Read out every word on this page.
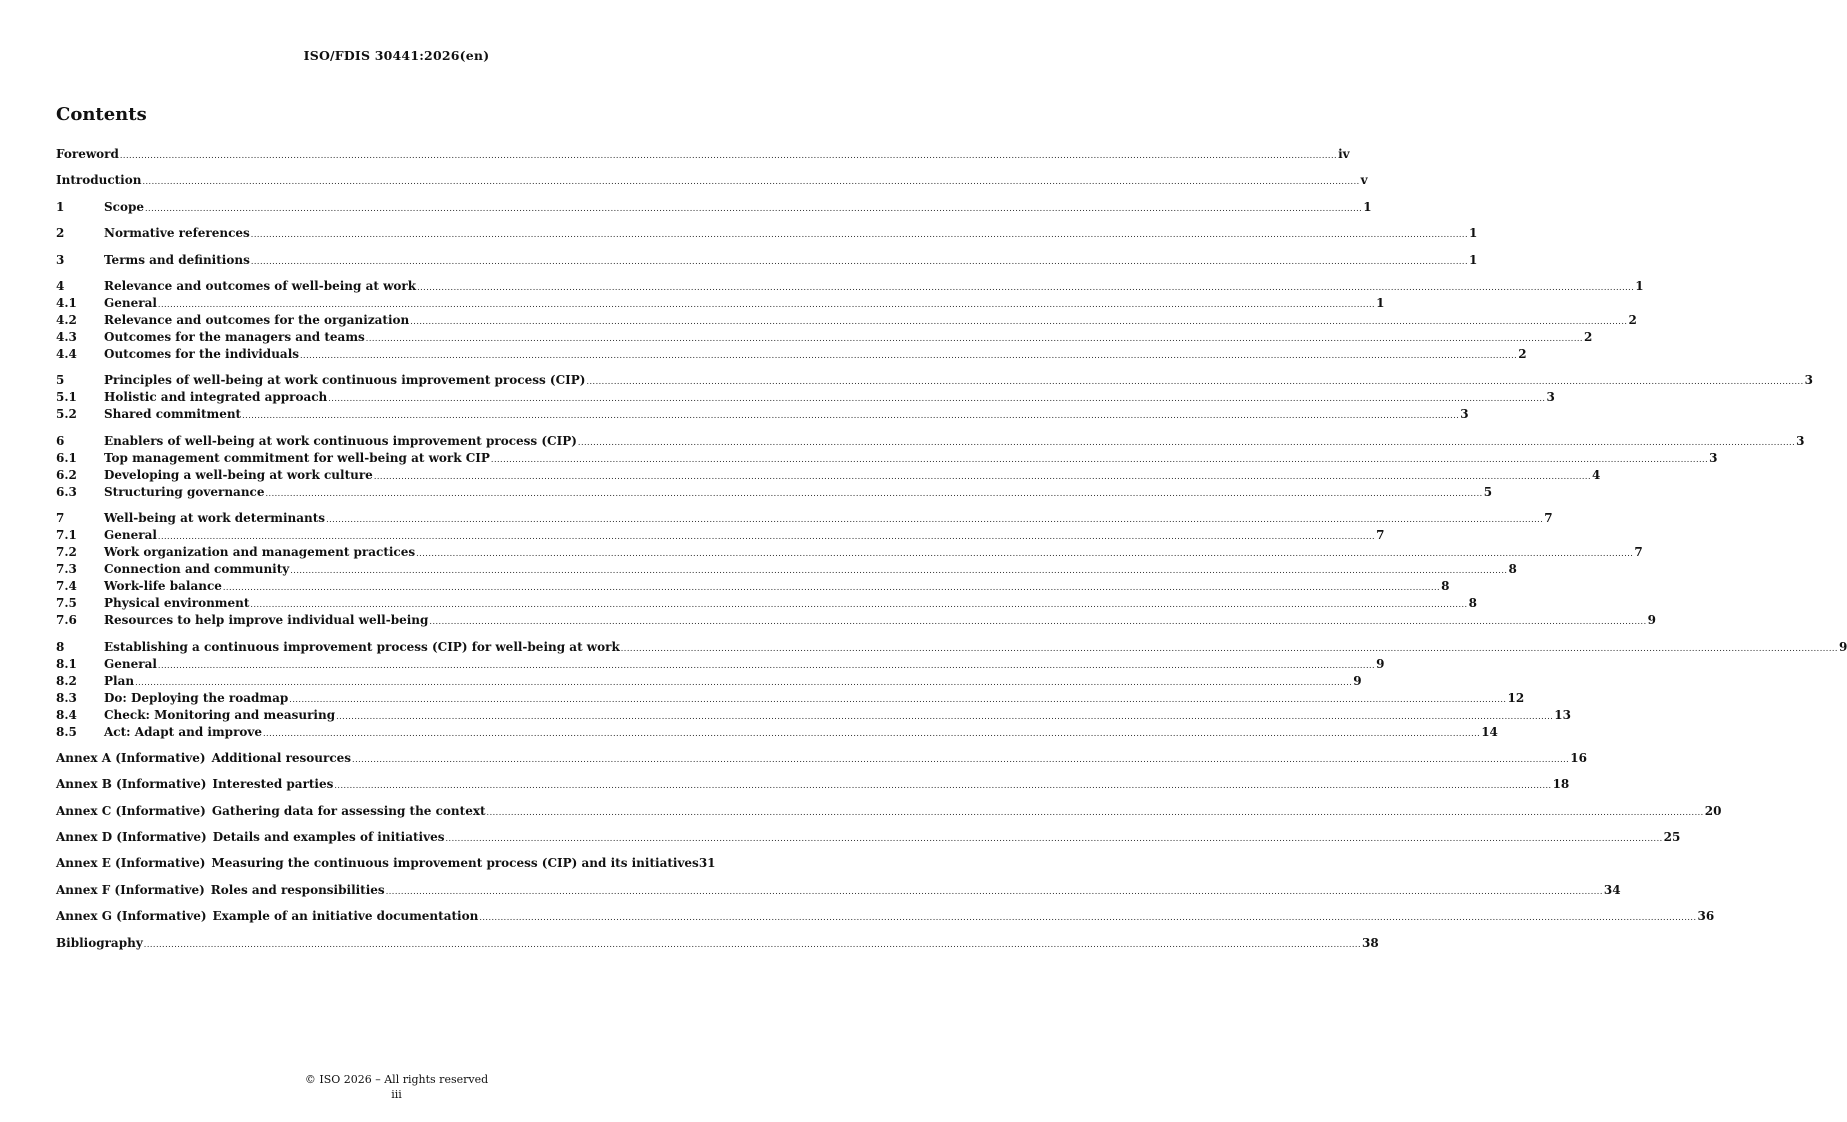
ISO/FDIS 30441:2026(en)
Contents
Foreword ................................................................................................................................................................................................................................................................................................................................................................................................................ iv
Introduction ................................................................................................................................................................................................................................................................................................................................................................................................................ v
1	Scope ................................................................................................................................................................................................................................................................................................................................................................................................................ 1
2	Normative references ................................................................................................................................................................................................................................................................................................................................................................................................................ 1
3	Terms and definitions ................................................................................................................................................................................................................................................................................................................................................................................................................ 1
4	Relevance and outcomes of well-being at work ................................................................................................................................................................................................................................................................................................................................................................................................................ 1
4.1	General ................................................................................................................................................................................................................................................................................................................................................................................................................ 1
4.2	Relevance and outcomes for the organization ................................................................................................................................................................................................................................................................................................................................................................................................................ 2
4.3	Outcomes for the managers and teams ................................................................................................................................................................................................................................................................................................................................................................................................................ 2
4.4	Outcomes for the individuals ................................................................................................................................................................................................................................................................................................................................................................................................................ 2
5	Principles of well-being at work continuous improvement process (CIP) ................................................................................................................................................................................................................................................................................................................................................................................................................ 3
5.1	Holistic and integrated approach ................................................................................................................................................................................................................................................................................................................................................................................................................ 3
5.2	Shared commitment ................................................................................................................................................................................................................................................................................................................................................................................................................ 3
6	Enablers of well-being at work continuous improvement process (CIP) ................................................................................................................................................................................................................................................................................................................................................................................................................ 3
6.1	Top management commitment for well-being at work CIP ................................................................................................................................................................................................................................................................................................................................................................................................................ 3
6.2	Developing a well-being at work culture ................................................................................................................................................................................................................................................................................................................................................................................................................ 4
6.3	Structuring governance ................................................................................................................................................................................................................................................................................................................................................................................................................ 5
7	Well-being at work determinants ................................................................................................................................................................................................................................................................................................................................................................................................................ 7
7.1	General ................................................................................................................................................................................................................................................................................................................................................................................................................ 7
7.2	Work organization and management practices ................................................................................................................................................................................................................................................................................................................................................................................................................ 7
7.3	Connection and community ................................................................................................................................................................................................................................................................................................................................................................................................................ 8
7.4	Work-life balance ................................................................................................................................................................................................................................................................................................................................................................................................................ 8
7.5	Physical environment ................................................................................................................................................................................................................................................................................................................................................................................................................ 8
7.6	Resources to help improve individual well-being ................................................................................................................................................................................................................................................................................................................................................................................................................ 9
8	Establishing a continuous improvement process (CIP) for well-being at work ................................................................................................................................................................................................................................................................................................................................................................................................................ 9
8.1	General ................................................................................................................................................................................................................................................................................................................................................................................................................ 9
8.2	Plan ................................................................................................................................................................................................................................................................................................................................................................................................................ 9
8.3	Do: Deploying the roadmap ................................................................................................................................................................................................................................................................................................................................................................................................................ 12
8.4	Check: Monitoring and measuring ................................................................................................................................................................................................................................................................................................................................................................................................................ 13
8.5	Act: Adapt and improve ................................................................................................................................................................................................................................................................................................................................................................................................................ 14
Annex A (Informative) Additional resources ................................................................................................................................................................................................................................................................................................................................................................................................................ 16
Annex B (Informative) Interested parties ................................................................................................................................................................................................................................................................................................................................................................................................................ 18
Annex C (Informative) Gathering data for assessing the context ................................................................................................................................................................................................................................................................................................................................................................................................................ 20
Annex D (Informative) Details and examples of initiatives ................................................................................................................................................................................................................................................................................................................................................................................................................ 25
Annex E (Informative) Measuring the continuous improvement process (CIP) and its initiatives 31
Annex F (Informative) Roles and responsibilities ................................................................................................................................................................................................................................................................................................................................................................................................................ 34
Annex G (Informative) Example of an initiative documentation ................................................................................................................................................................................................................................................................................................................................................................................................................ 36
Bibliography ................................................................................................................................................................................................................................................................................................................................................................................................................ 38
© ISO 2026 – All rights reserved
iii
